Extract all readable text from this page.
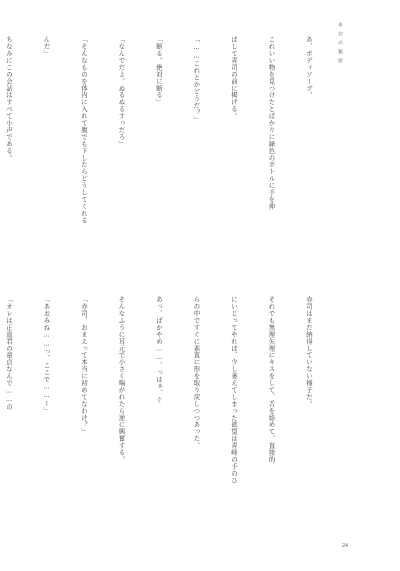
あおの秘密

あ、ボディソープ。

これいい物を見つけたとばかりに緑色のボトルに手を伸

ばして青司の前に掲げる。

「……これとかどうだ？」

「断る。絶対に断る」

「なんでだよ。ぬるぬるすっだろ」

「そんなものを体内に入れて腹でも下したらどうしてくれる

んだ」

ちなみにこの会話はすべて小声である。

赤司はまだ納得していない様子だ。

それでも無理矢理にキスをして、舌を絡めて、直接的

にいじってやれば、少し萎えてしまった欲望は青峰の手のひ

らの中ですぐに素直に形を取り戻しつつあった。

あっ、ばかやめ……、っはぁ、ぐ

そんなふうに耳元で小さく喘がれたら逆に興奮する。

「赤司、おまえって本当に初めてなわけ？」

「あおみね……っ、ここで……ー」

「オレは正直君の童貞なんで……の

24
